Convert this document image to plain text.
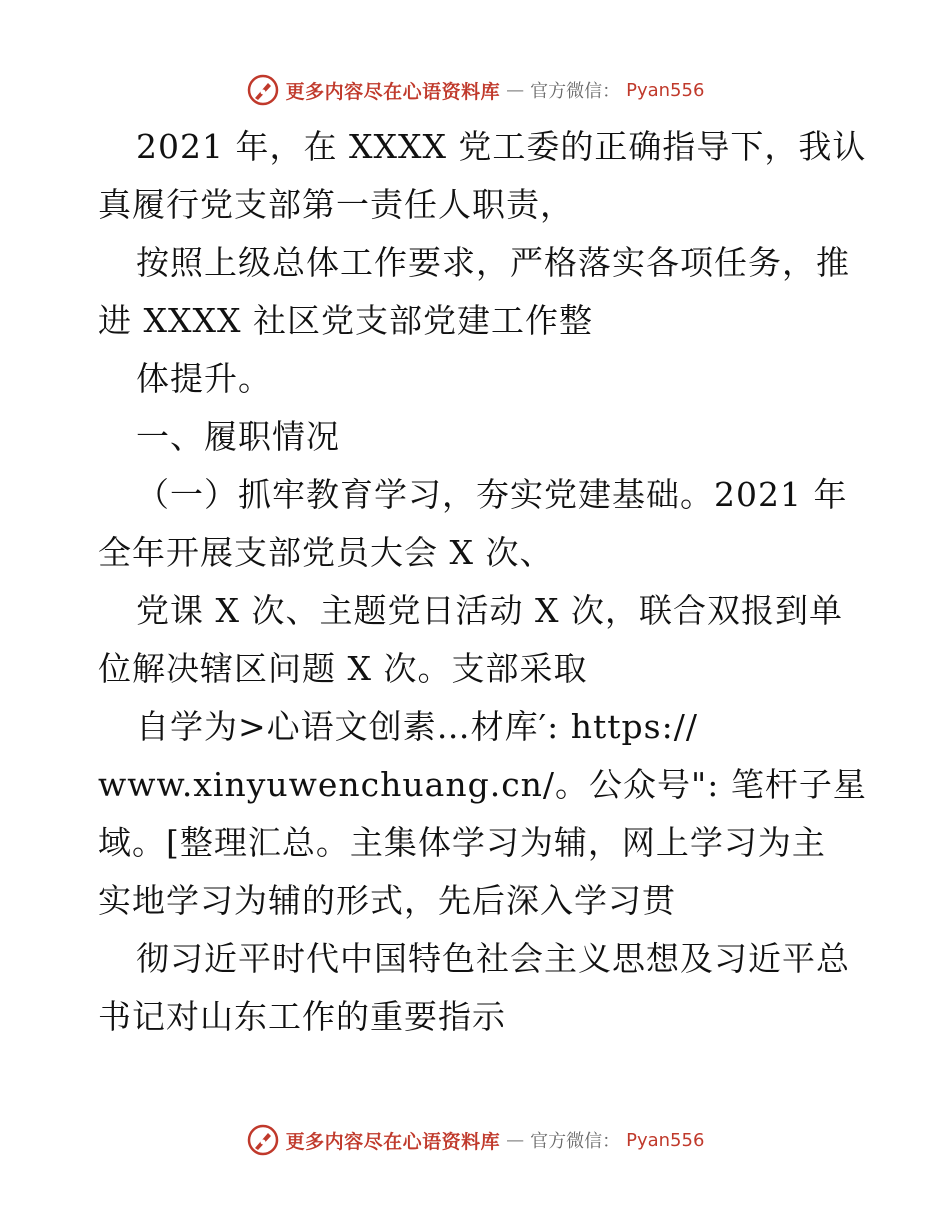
更多内容尽在心语资料库 — 官方微信： Pyan556
2021 年，在 XXXX 党工委的正确指导下，我认
真履行党支部第一责任人职责，
按照上级总体工作要求，严格落实各项任务，推
进 XXXX 社区党支部党建工作整
体提升。
一、履职情况
（一）抓牢教育学习，夯实党建基础。2021 年
全年开展支部党员大会 X 次、
党课 X 次、主题党日活动 X 次，联合双报到单
位解决辖区问题 X 次。支部采取
自学为>心语文创素…材库′: https://
www.xinyuwenchuang.cn/。公众号": 笔杆子星
域。[整理汇总。主集体学习为辅，网上学习为主
实地学习为辅的形式，先后深入学习贯
彻习近平时代中国特色社会主义思想及习近平总
书记对山东工作的重要指示
更多内容尽在心语资料库 — 官方微信： Pyan556
